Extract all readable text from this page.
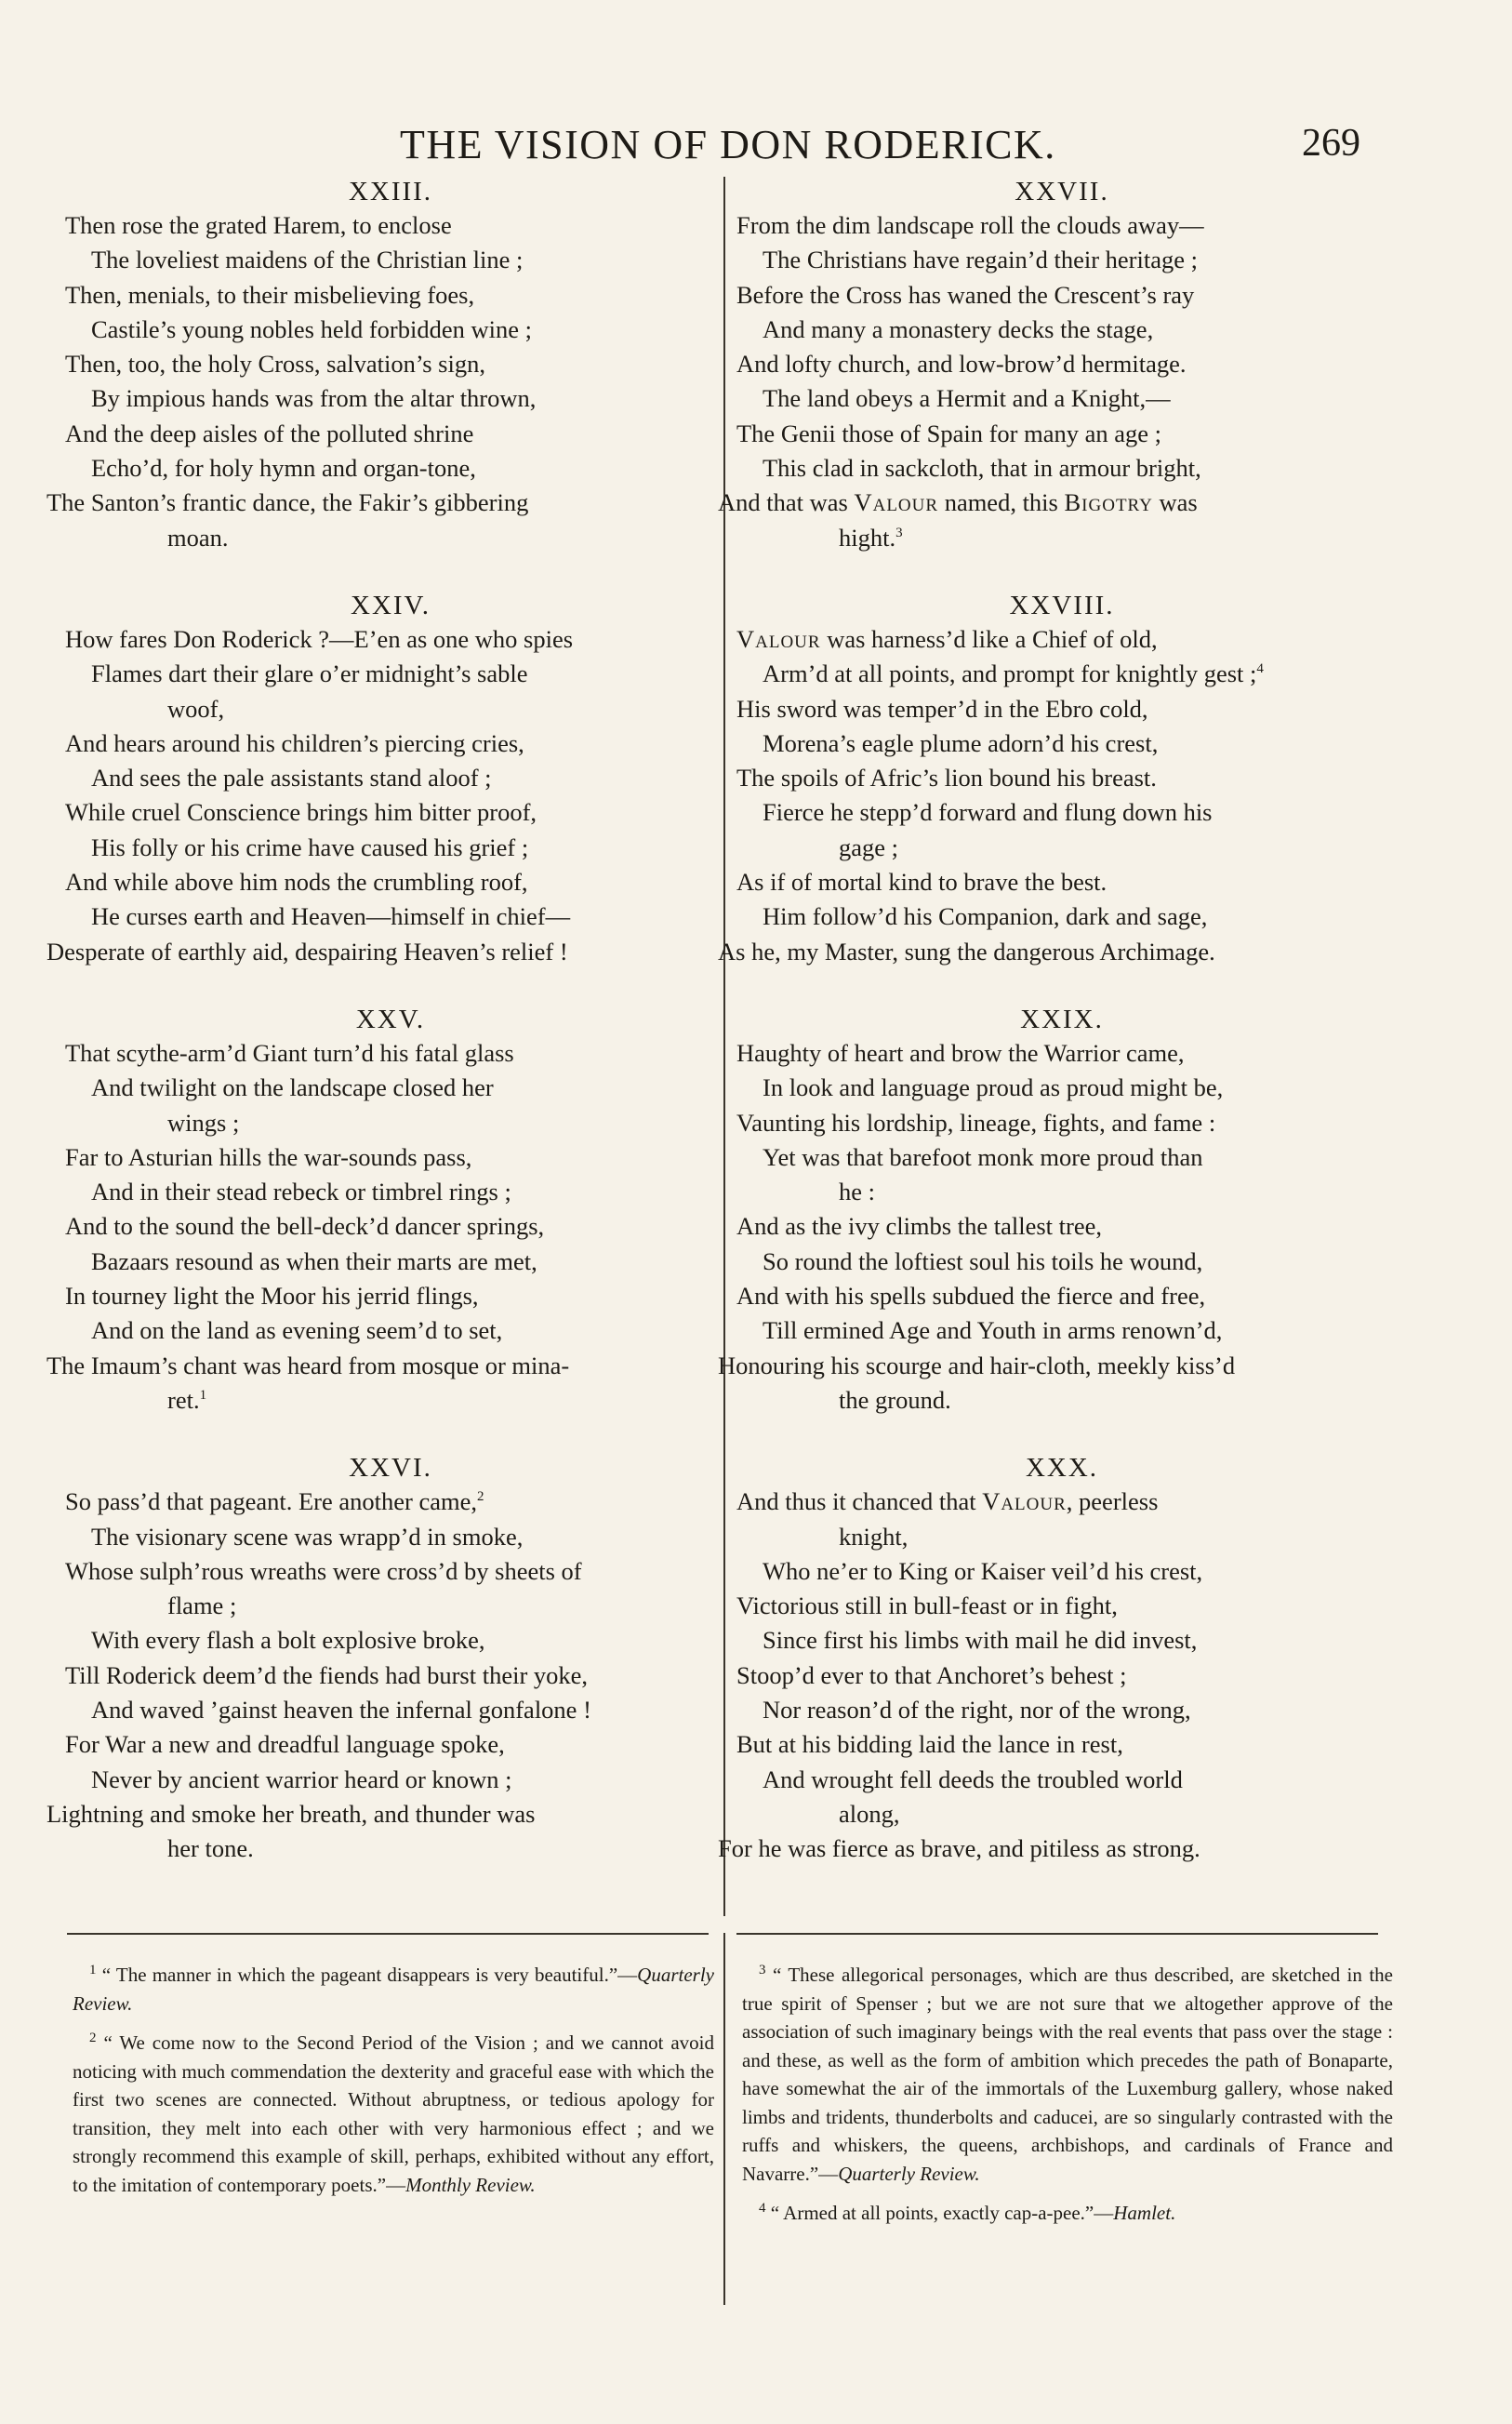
THE VISION OF DON RODERICK.	269
XXIII.

Then rose the grated Harem, to enclose

The loveliest maidens of the Christian line ;

Then, menials, to their misbelieving foes,

Castile’s young nobles held forbidden wine ;

Then, too, the holy Cross, salvation’s sign,

By impious hands was from the altar thrown,

And the deep aisles of the polluted shrine

Echo’d, for holy hymn and organ-tone,

The Santon’s frantic dance, the Fakir’s gibbering

moan.

XXIV.

How fares Don Roderick ?—E’en as one who spies

Flames dart their glare o’er midnight’s sable

woof,

And hears around his children’s piercing cries,

And sees the pale assistants stand aloof ;

While cruel Conscience brings him bitter proof,

His folly or his crime have caused his grief ;

And while above him nods the crumbling roof,

He curses earth and Heaven—himself in chief—

Desperate of earthly aid, despairing Heaven’s relief !

XXV.

That scythe-arm’d Giant turn’d his fatal glass

And twilight on the landscape closed her

wings ;

Far to Asturian hills the war-sounds pass,

And in their stead rebeck or timbrel rings ;

And to the sound the bell-deck’d dancer springs,

Bazaars resound as when their marts are met,

In tourney light the Moor his jerrid flings,

And on the land as evening seem’d to set,

The Imaum’s chant was heard from mosque or mina-

ret.$^1$

XXVI.

So pass’d that pageant. Ere another came,$^2$

The visionary scene was wrapp’d in smoke,

Whose sulph’rous wreaths were cross’d by sheets of

flame ;

With every flash a bolt explosive broke,

Till Roderick deem’d the fiends had burst their yoke,

And waved ’gainst heaven the infernal gonfalone !

For War a new and dreadful language spoke,

Never by ancient warrior heard or known ;

Lightning and smoke her breath, and thunder was

her tone.

XXVII.

From the dim landscape roll the clouds away—

The Christians have regain’d their heritage ;

Before the Cross has waned the Crescent’s ray

And many a monastery decks the stage,

And lofty church, and low-brow’d hermitage.

The land obeys a Hermit and a Knight,—

The Genii those of Spain for many an age ;

This clad in sackcloth, that in armour bright,

And that was Valour named, this Bigotry was

hight.$^3$

XXVIII.

Valour was harness’d like a Chief of old,

Arm’d at all points, and prompt for knightly gest ;$^4$

His sword was temper’d in the Ebro cold,

Morena’s eagle plume adorn’d his crest,

The spoils of Afric’s lion bound his breast.

Fierce he stepp’d forward and flung down his

gage ;

As if of mortal kind to brave the best.

Him follow’d his Companion, dark and sage,

As he, my Master, sung the dangerous Archimage.

XXIX.

Haughty of heart and brow the Warrior came,

In look and language proud as proud might be,

Vaunting his lordship, lineage, fights, and fame :

Yet was that barefoot monk more proud than

he :

And as the ivy climbs the tallest tree,

So round the loftiest soul his toils he wound,

And with his spells subdued the fierce and free,

Till ermined Age and Youth in arms renown’d,

Honouring his scourge and hair-cloth, meekly kiss’d

the ground.

XXX.

And thus it chanced that Valour, peerless

knight,

Who ne’er to King or Kaiser veil’d his crest,

Victorious still in bull-feast or in fight,

Since first his limbs with mail he did invest,

Stoop’d ever to that Anchoret’s behest ;

Nor reason’d of the right, nor of the wrong,

But at his bidding laid the lance in rest,

And wrought fell deeds the troubled world

along,

For he was fierce as brave, and pitiless as strong.

$^1$ “ The manner in which the pageant disappears is very beautiful.”—Quarterly Review.

$^2$ “ We come now to the Second Period of the Vision ; and we cannot avoid noticing with much commendation the dexterity and graceful ease with which the first two scenes are connected. Without abruptness, or tedious apology for transition, they melt into each other with very harmonious effect ; and we strongly recommend this example of skill, perhaps, exhibited without any effort, to the imitation of contemporary poets.”—Monthly Review.

$^3$ “ These allegorical personages, which are thus described, are sketched in the true spirit of Spenser ; but we are not sure that we altogether approve of the association of such imaginary beings with the real events that pass over the stage : and these, as well as the form of ambition which precedes the path of Bonaparte, have somewhat the air of the immortals of the Luxemburg gallery, whose naked limbs and tridents, thunderbolts and caducei, are so singularly contrasted with the ruffs and whiskers, the queens, archbishops, and cardinals of France and Navarre.”—Quarterly Review.

$^4$ “ Armed at all points, exactly cap-a-pee.”—Hamlet.
